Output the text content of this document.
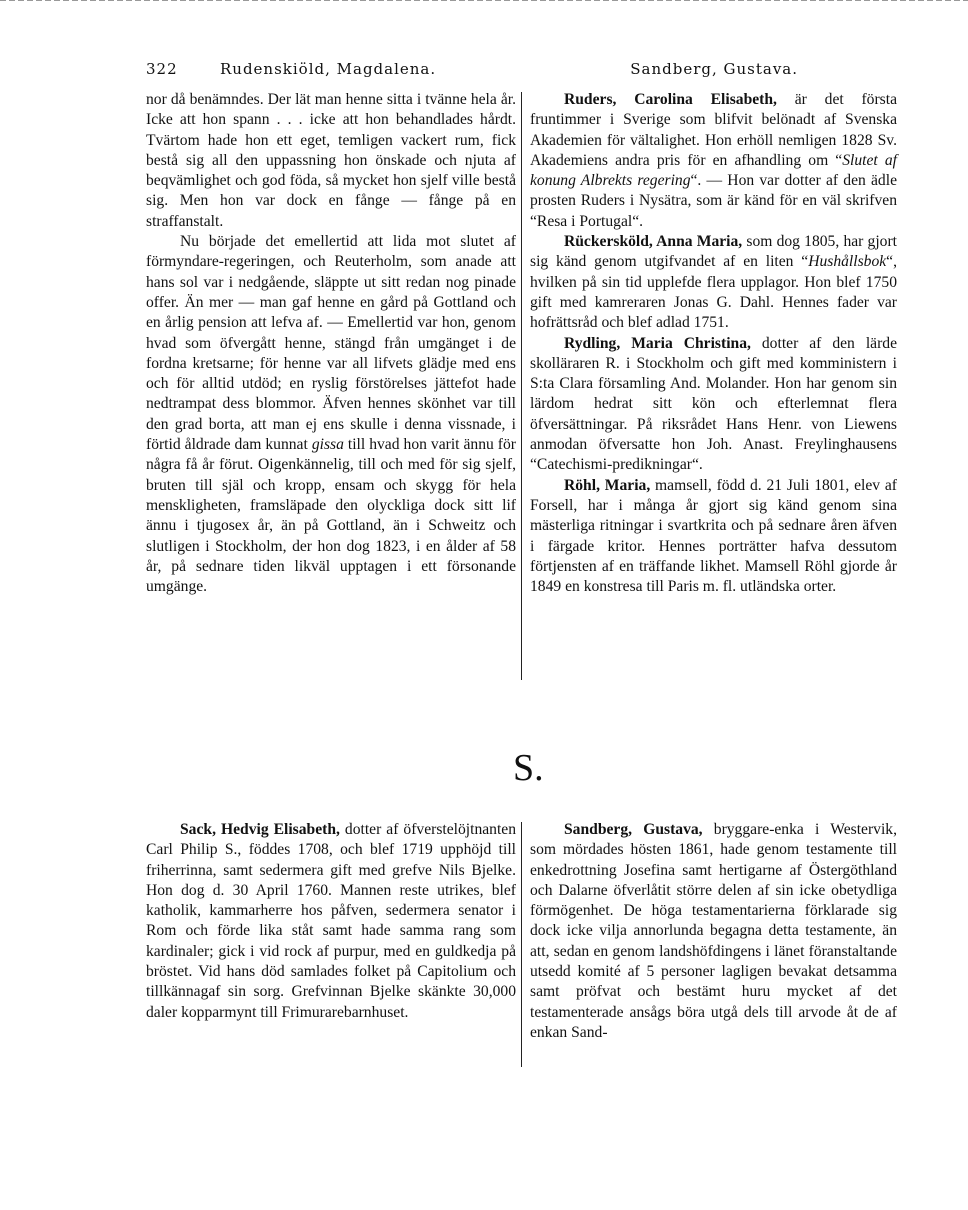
322	Rudenskiöld, Magdalena.	Sandberg, Gustava.

nor då benämndes. Der lät man henne sitta i tvänne hela år. Icke att hon spann . . . icke att hon behandlades hårdt. Tvärtom hade hon ett eget, temligen vackert rum, fick bestå sig all den uppassning hon önskade och njuta af beqvämlighet och god föda, så mycket hon sjelf ville bestå sig. Men hon var dock en fånge — fånge på en straffanstalt.

Nu började det emellertid att lida mot slutet af förmyndare-regeringen, och Reuterholm, som anade att hans sol var i nedgående, släppte ut sitt redan nog pinade offer. Än mer — man gaf henne en gård på Gottland och en årlig pension att lefva af. — Emellertid var hon, genom hvad som öfvergått henne, stängd från umgänget i de fordna kretsarne; för henne var all lifvets glädje med ens och för alltid utdöd; en ryslig förstörelses jättefot hade nedtrampat dess blommor. Äfven hennes skönhet var till den grad borta, att man ej ens skulle i denna vissnade, i förtid åldrade dam kunnat gissa till hvad hon varit ännu för några få år förut. Oigenkännelig, till och med för sig sjelf, bruten till själ och kropp, ensam och skygg för hela menskligheten, framsläpade den olyckliga dock sitt lif ännu i tjugosex år, än på Gottland, än i Schweitz och slutligen i Stockholm, der hon dog 1823, i en ålder af 58 år, på sednare tiden likväl upptagen i ett försonande umgänge.

Ruders, Carolina Elisabeth, är det första fruntimmer i Sverige som blifvit belönadt af Svenska Akademien för vältalighet. Hon erhöll nemligen 1828 Sv. Akademiens andra pris för en afhandling om “Slutet af konung Albrekts regering“. — Hon var dotter af den ädle prosten Ruders i Nysätra, som är känd för en väl skrifven “Resa i Portugal“.

Rückersköld, Anna Maria, som dog 1805, har gjort sig känd genom utgifvandet af en liten “Hushållsbok“, hvilken på sin tid upplefde flera upplagor. Hon blef 1750 gift med kamreraren Jonas G. Dahl. Hennes fader var hofrättsråd och blef adlad 1751.

Rydling, Maria Christina, dotter af den lärde skolläraren R. i Stockholm och gift med komministern i S:ta Clara församling And. Molander. Hon har genom sin lärdom hedrat sitt kön och efterlemnat flera öfversättningar. På riksrådet Hans Henr. von Liewens anmodan öfversatte hon Joh. Anast. Freylinghausens “Catechismi-predikningar“.

Röhl, Maria, mamsell, född d. 21 Juli 1801, elev af Forsell, har i många år gjort sig känd genom sina mästerliga ritningar i svartkrita och på sednare åren äfven i färgade kritor. Hennes porträtter hafva dessutom förtjensten af en träffande likhet. Mamsell Röhl gjorde år 1849 en konstresa till Paris m. fl. utländska orter.

S.

Sack, Hedvig Elisabeth, dotter af öfverstelöjtnanten Carl Philip S., föddes 1708, och blef 1719 upphöjd till friherrinna, samt sedermera gift med grefve Nils Bjelke. Hon dog d. 30 April 1760. Mannen reste utrikes, blef katholik, kammarherre hos påfven, sedermera senator i Rom och förde lika ståt samt hade samma rang som kardinaler; gick i vid rock af purpur, med en guldkedja på bröstet. Vid hans död samlades folket på Capitolium och tillkännagaf sin sorg. Grefvinnan Bjelke skänkte 30,000 daler kopparmynt till Frimurarebarnhuset.

Sandberg, Gustava, bryggare-enka i Westervik, som mördades hösten 1861, hade genom testamente till enkedrottning Josefina samt hertigarne af Östergöthland och Dalarne öfverlåtit större delen af sin icke obetydliga förmögenhet. De höga testamentarierna förklarade sig dock icke vilja annorlunda begagna detta testamente, än att, sedan en genom landshöfdingens i länet föranstaltande utsedd komité af 5 personer lagligen bevakat detsamma samt pröfvat och bestämt huru mycket af det testamenterade ansågs böra utgå dels till arvode åt de af enkan Sand-
